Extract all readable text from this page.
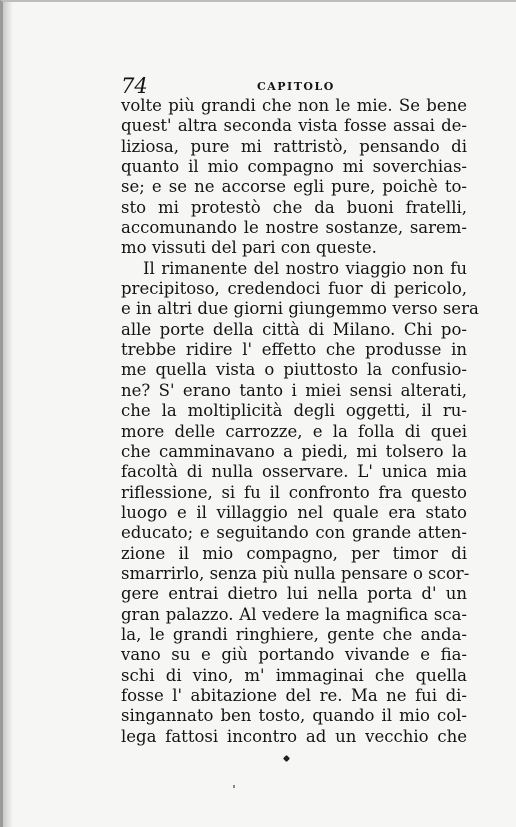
74	CAPITOLO
volte più grandi che non le mie. Se bene
quest' altra seconda vista fosse assai de-
liziosa, pure mi rattristò, pensando di
quanto il mio compagno mi soverchias-
se; e se ne accorse egli pure, poichè to-
sto mi protestò che da buoni fratelli,
accomunando le nostre sostanze, sarem-
mo vissuti del pari con queste.
Il rimanente del nostro viaggio non fu
precipitoso, credendoci fuor di pericolo,
e in altri due giorni giungemmo verso sera
alle porte della città di Milano. Chi po-
trebbe ridire l' effetto che produsse in
me quella vista o piuttosto la confusio-
ne? S' erano tanto i miei sensi alterati,
che la moltiplicità degli oggetti, il ru-
more delle carrozze, e la folla di quei
che camminavano a piedi, mi tolsero la
facoltà di nulla osservare. L' unica mia
riflessione, si fu il confronto fra questo
luogo e il villaggio nel quale era stato
educato; e seguitando con grande atten-
zione il mio compagno, per timor di
smarrirlo, senza più nulla pensare o scor-
gere entrai dietro lui nella porta d' un
gran palazzo. Al vedere la magnifica sca-
la, le grandi ringhiere, gente che anda-
vano su e giù portando vivande e fia-
schi di vino, m' immaginai che quella
fosse l' abitazione del re. Ma ne fui di-
singannato ben tosto, quando il mio col-
lega fattosi incontro ad un vecchio che
